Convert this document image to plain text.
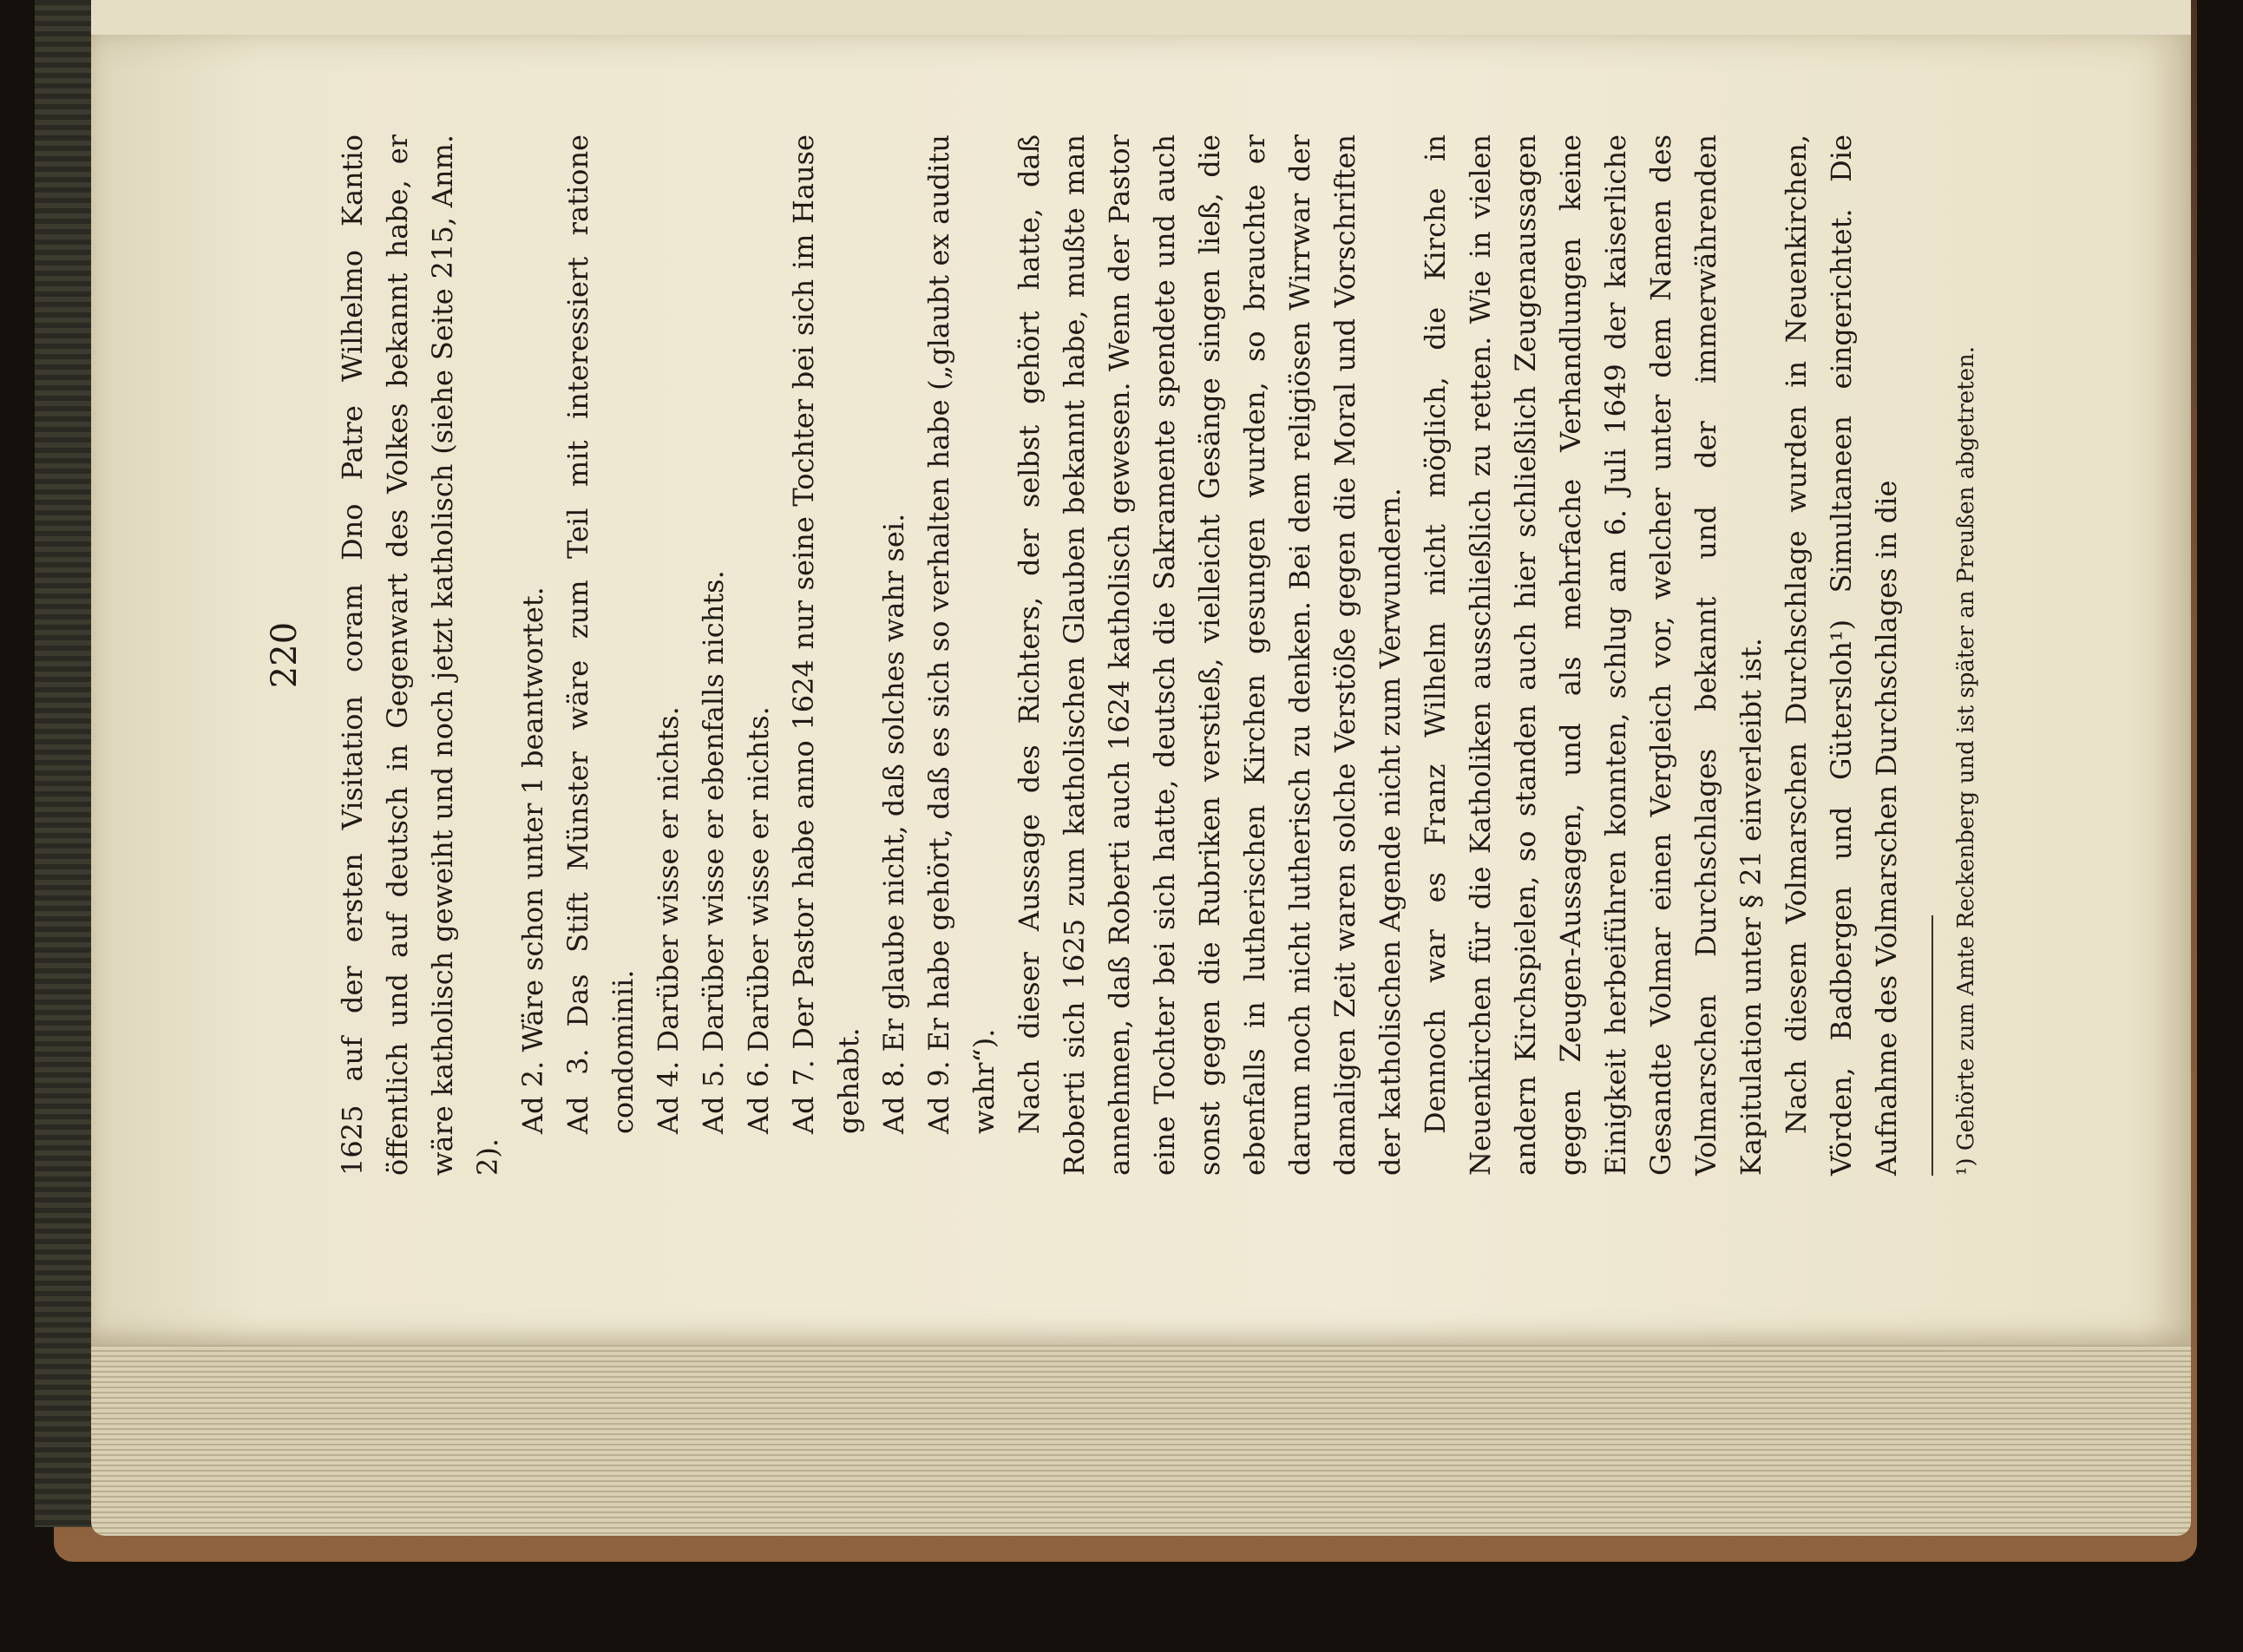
220 1625 auf der ersten Visitation coram Dno Patre Wilhelmo Kantio öffentlich und auf deutsch in Gegenwart des Volkes bekannt habe, er wäre katholisch geweiht und noch jetzt katholisch (siehe Seite 215, Anm. 2).

Ad 2. Wäre schon unter 1 beantwortet. Ad 3. Das Stift Münster wäre zum Teil mit interessiert ratione condominii. Ad 4. Darüber wisse er nichts. Ad 5. Darüber wisse er ebenfalls nichts. Ad 6. Darüber wisse er nichts. Ad 7. Der Pastor habe anno 1624 nur seine Tochter bei sich im Hause gehabt. Ad 8. Er glaube nicht, daß solches wahr sei. Ad 9. Er habe gehört, daß es sich so verhalten habe („glaubt ex auditu wahr“). Nach dieser Aussage des Richters, der selbst gehört hatte, daß Roberti sich 1625 zum katholischen Glauben bekannt habe, mußte man annehmen, daß Roberti auch 1624 katholisch gewesen. Wenn der Pastor eine Tochter bei sich hatte, deutsch die Sakramente spendete und auch sonst gegen die Rubriken verstieß, vielleicht Gesänge singen ließ, die ebenfalls in lutherischen Kirchen gesungen wurden, so brauchte er darum noch nicht lutherisch zu denken. Bei dem religiösen Wirrwar der damaligen Zeit waren solche Verstöße gegen die Moral und Vorschriften der katholischen Agende nicht zum Verwundern. Dennoch war es Franz Wilhelm nicht möglich, die Kirche in Neuenkirchen für die Katholiken ausschließlich zu retten. Wie in vielen andern Kirchspielen, so standen auch hier schließlich Zeugenaussagen gegen Zeugen-Aussagen, und als mehrfache Verhandlungen keine Einigkeit herbeiführen konnten, schlug am 6. Juli 1649 der kaiserliche Gesandte Volmar einen Vergleich vor, welcher unter dem Namen des Volmarschen Durchschlages bekannt und der immerwährenden Kapitulation unter § 21 einverleibt ist. Nach diesem Volmarschen Durchschlage wurden in Neuenkirchen, Vörden, Badbergen und Gütersloh¹) Simultaneen eingerichtet. Die Aufnahme des Volmarschen Durchschlages in die ¹) Gehörte zum Amte Reckenberg und ist später an Preußen abgetreten.
